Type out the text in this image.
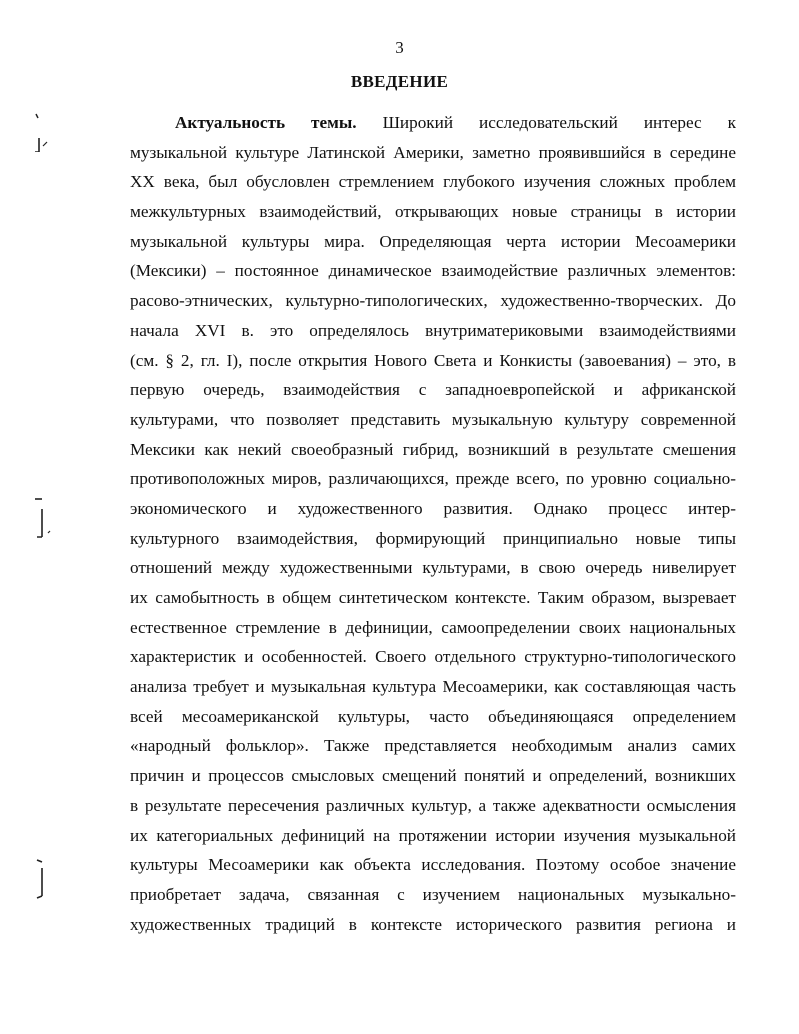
3
ВВЕДЕНИЕ
Актуальность темы. Широкий исследовательский интерес к
музыкальной культуре Латинской Америки, заметно проявившийся в середине
XX века, был обусловлен стремлением глубокого изучения сложных проблем
межкультурных взаимодействий, открывающих новые страницы в истории
музыкальной культуры мира. Определяющая черта истории Месоамерики
(Мексики) – постоянное динамическое взаимодействие различных элементов:
расово-этнических, культурно-типологических, художественно-творческих. До
начала XVI в. это определялось внутриматериковыми взаимодействиями
(см. § 2, гл. I), после открытия Нового Света и Конкисты (завоевания) – это, в
первую очередь, взаимодействия с западноевропейской и африканской
культурами, что позволяет представить музыкальную культуру современной
Мексики как некий своеобразный гибрид, возникший в результате смешения
противоположных миров, различающихся, прежде всего, по уровню социально-
экономического и художественного развития. Однако процесс интер-
культурного взаимодействия, формирующий принципиально новые типы
отношений между художественными культурами, в свою очередь нивелирует
их самобытность в общем синтетическом контексте. Таким образом, вызревает
естественное стремление в дефиниции, самоопределении своих национальных
характеристик и особенностей. Своего отдельного структурно-типологического
анализа требует и музыкальная культура Месоамерики, как составляющая часть
всей месоамериканской культуры, часто объединяющаяся определением
«народный фольклор». Также представляется необходимым анализ самих
причин и процессов смысловых смещений понятий и определений, возникших
в результате пересечения различных культур, а также адекватности осмысления
их категориальных дефиниций на протяжении истории изучения музыкальной
культуры Месоамерики как объекта исследования. Поэтому особое значение
приобретает задача, связанная с изучением национальных музыкально-
художественных традиций в контексте исторического развития региона и
